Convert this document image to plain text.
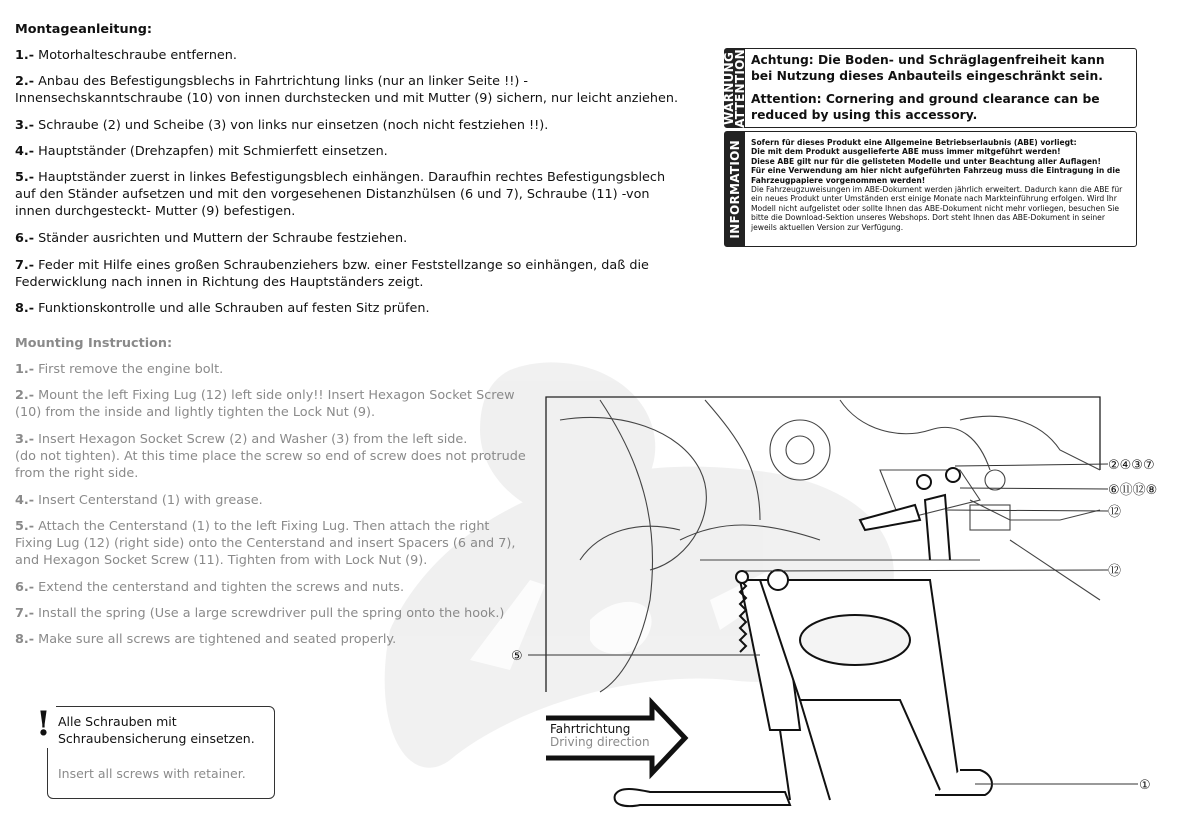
Montageanleitung:

1.- Motorhalteschraube entfernen.

2.- Anbau des Befestigungsblechs in Fahrtrichtung links (nur an linker Seite !!) - Innensechskanntschraube (10) von innen durchstecken und mit Mutter (9) sichern, nur leicht anziehen.

3.- Schraube (2) und Scheibe (3) von links nur einsetzen (noch nicht festziehen !!).

4.- Hauptständer (Drehzapfen) mit Schmierfett einsetzen.

5.- Hauptständer zuerst in linkes Befestigungsblech einhängen. Daraufhin rechtes Befestigungsblech auf den Ständer aufsetzen und mit den vorgesehenen Distanzhülsen (6 und 7), Schraube (11) -von innen durchgesteckt- Mutter (9) befestigen.

6.- Ständer ausrichten und Muttern der Schraube festziehen.

7.- Feder mit Hilfe eines großen Schraubenziehers bzw. einer Feststellzange so einhängen, daß die Federwicklung nach innen in Richtung des Hauptständers zeigt.

8.- Funktionskontrolle und alle Schrauben auf festen Sitz prüfen.

Mounting Instruction:

1.- First remove the engine bolt.

2.- Mount the left Fixing Lug (12) left side only!! Insert Hexagon Socket Screw (10) from the inside and lightly tighten the Lock Nut (9).

3.- Insert Hexagon Socket Screw (2) and Washer (3) from the left side.
(do not tighten). At this time place the screw so end of screw does not protrude from the right side.

4.- Insert Centerstand (1) with grease.

5.- Attach the Centerstand (1) to the left Fixing Lug. Then attach the right
Fixing Lug (12) (right side) onto the Centerstand and insert Spacers (6 and 7),
and Hexagon Socket Screw (11). Tighten from with Lock Nut (9).

6.- Extend the centerstand and tighten the screws and nuts.

7.- Install the spring (Use a large screwdriver pull the spring onto the hook.)

8.- Make sure all screws are tightened and seated properly.

WARNUNG
ATTENTION Achtung: Die Boden- und Schräglagenfreiheit kann bei Nutzung dieses Anbauteils eingeschränkt sein.
Attention: Cornering and ground clearance can be reduced by using this accessory.
INFORMATION Sofern für dieses Produkt eine Allgemeine Betriebserlaubnis (ABE) vorliegt:
Die mit dem Produkt ausgelieferte ABE muss immer mitgeführt werden!
Diese ABE gilt nur für die gelisteten Modelle und unter Beachtung aller Auflagen!
Für eine Verwendung am hier nicht aufgeführten Fahrzeug muss die Eintragung in die Fahrzeugpapiere vorgenommen werden!
Die Fahrzeugzuweisungen im ABE-Dokument werden jährlich erweitert. Dadurch kann die ABE für ein neues Produkt unter Umständen erst einige Monate nach Markteinführung erfolgen. Wird Ihr Modell nicht aufgelistet oder sollte Ihnen das ABE-Dokument nicht mehr vorliegen, besuchen Sie bitte die Download-Sektion unseres Webshops. Dort steht Ihnen das ABE-Dokument in seiner jeweils aktuellen Version zur Verfügung.
! Alle Schrauben mit
Schraubensicherung einsetzen.
Insert all screws with retainer.
②④③⑦
⑥⑪⑫⑧
⑫
⑫
⑤
①
Fahrtrichtung
Driving direction
